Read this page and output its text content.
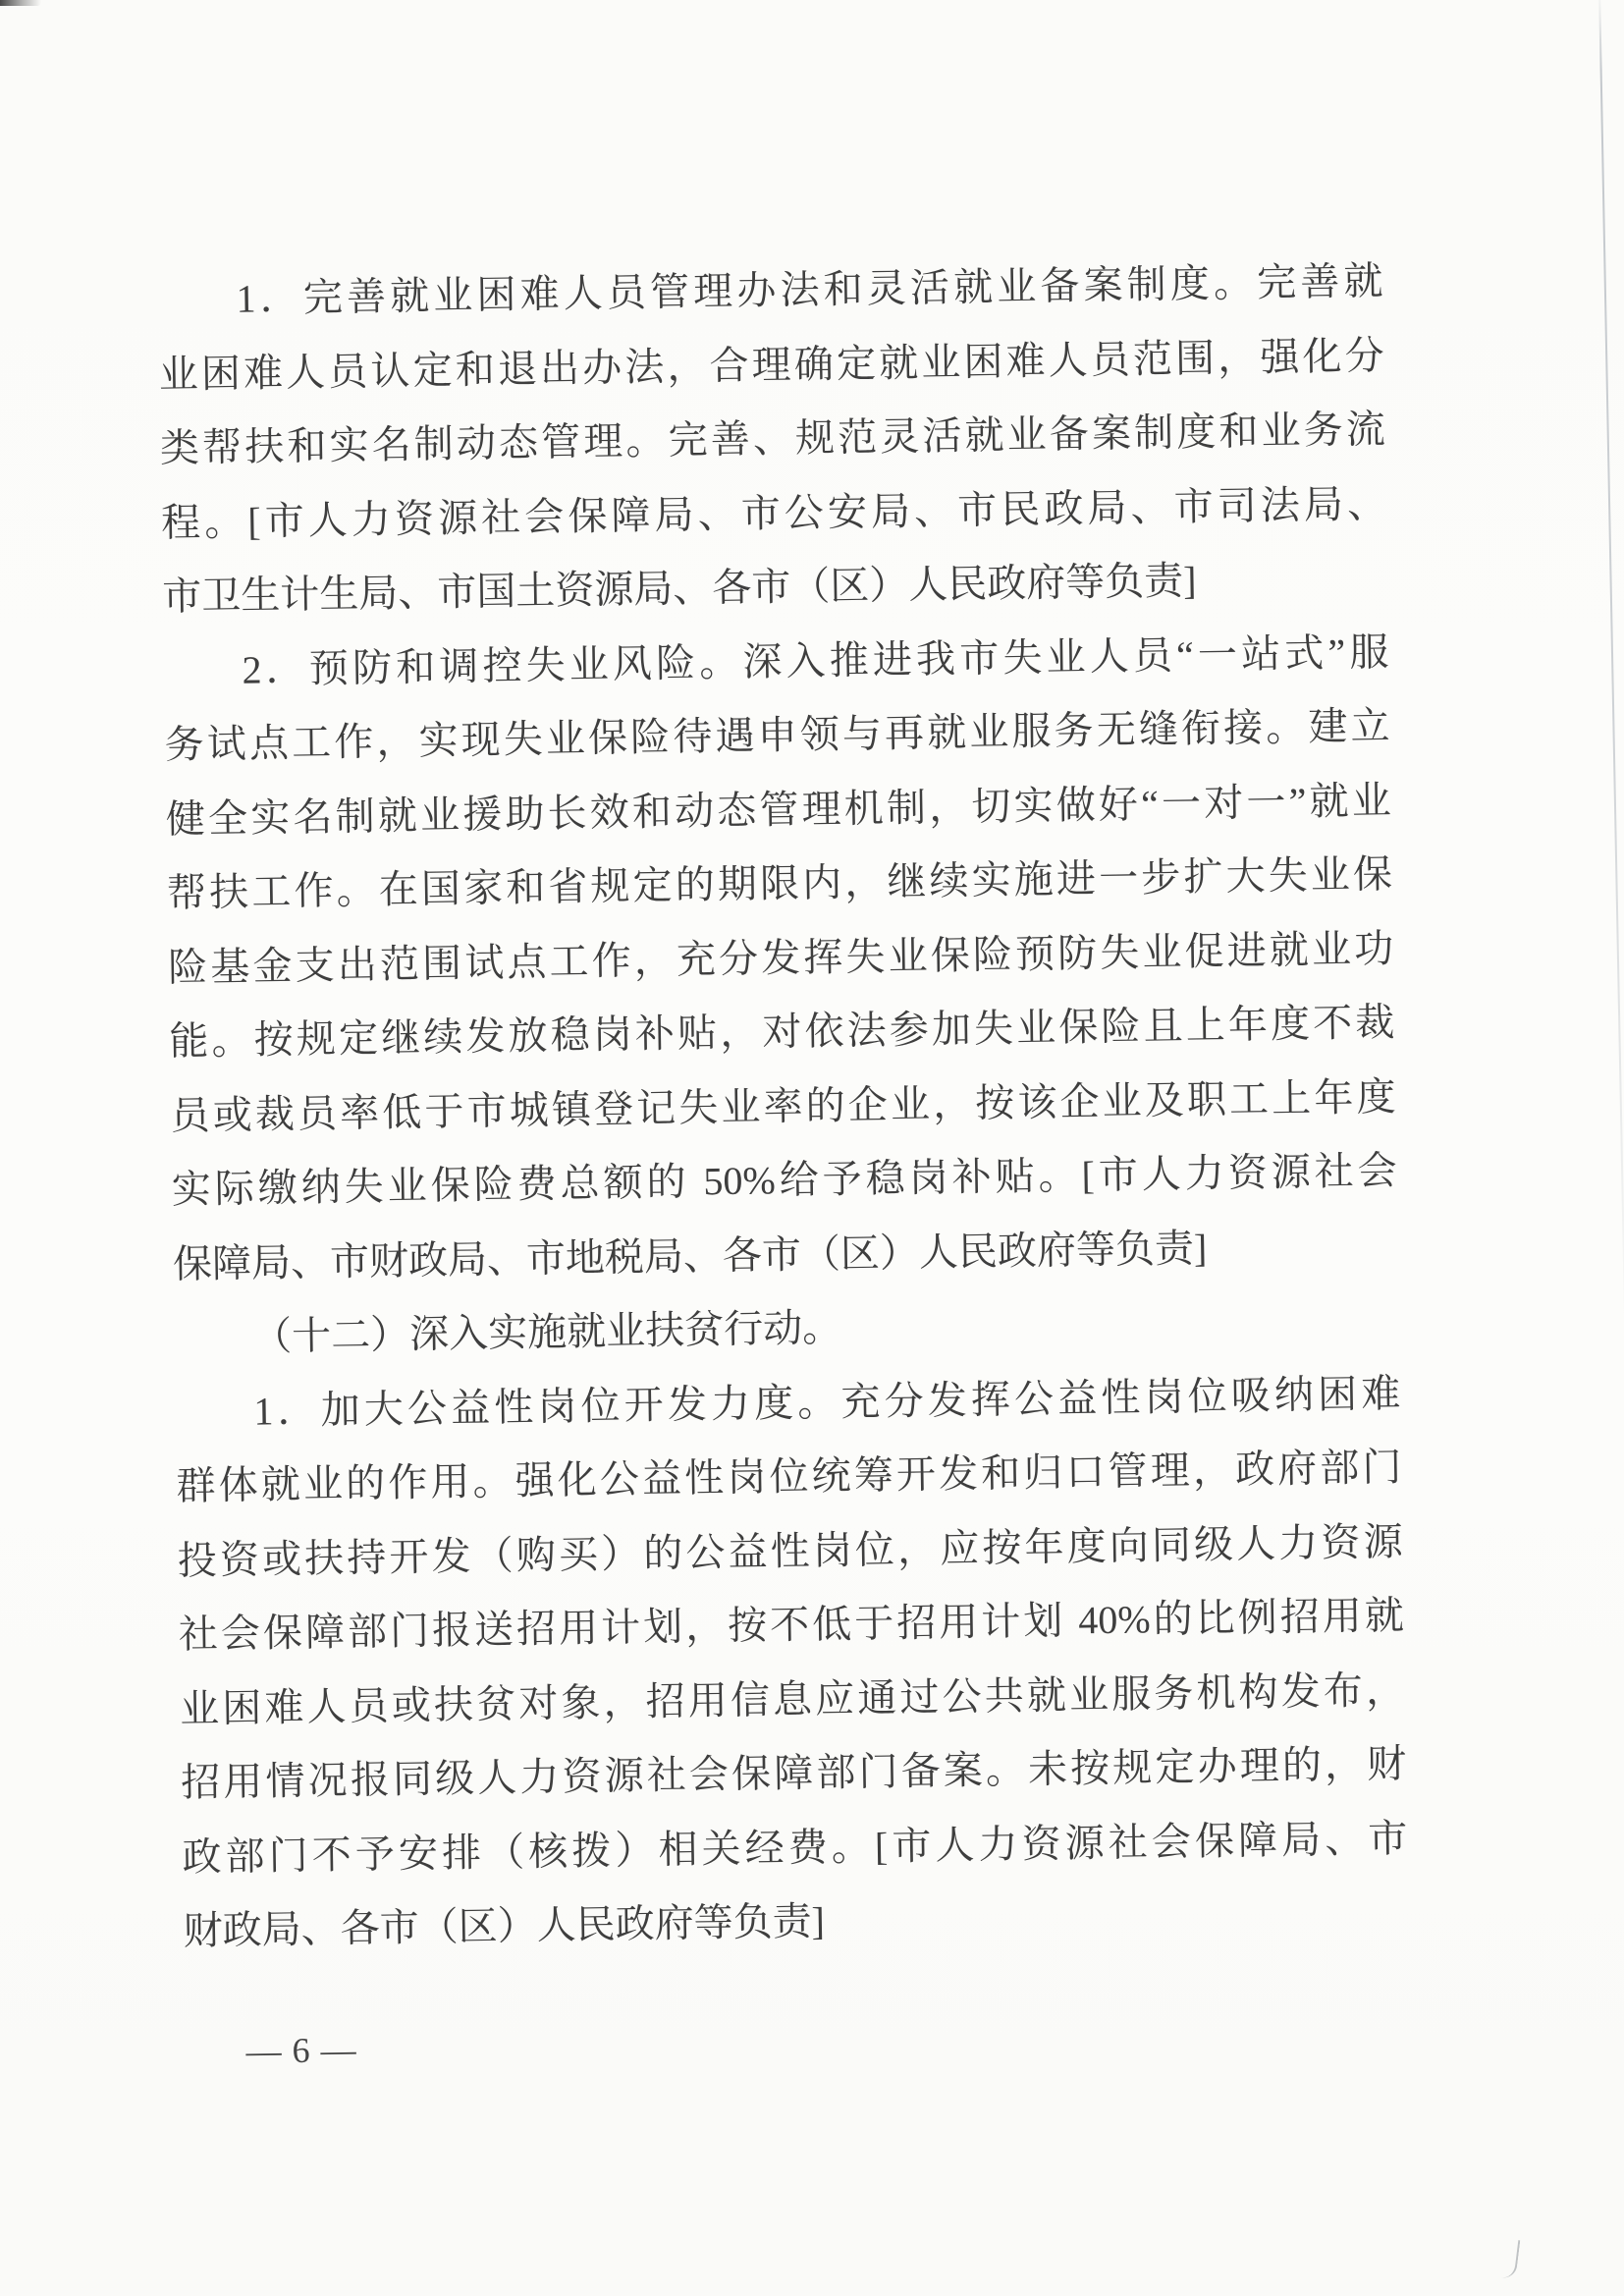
1．完善就业困难人员管理办法和灵活就业备案制度。完善就
业困难人员认定和退出办法，合理确定就业困难人员范围，强化分
类帮扶和实名制动态管理。完善、规范灵活就业备案制度和业务流
程。[市人力资源社会保障局、市公安局、市民政局、市司法局、
市卫生计生局、市国土资源局、各市（区）人民政府等负责]
2．预防和调控失业风险。深入推进我市失业人员“一站式”服
务试点工作，实现失业保险待遇申领与再就业服务无缝衔接。建立
健全实名制就业援助长效和动态管理机制，切实做好“一对一”就业
帮扶工作。在国家和省规定的期限内，继续实施进一步扩大失业保
险基金支出范围试点工作，充分发挥失业保险预防失业促进就业功
能。按规定继续发放稳岗补贴，对依法参加失业保险且上年度不裁
员或裁员率低于市城镇登记失业率的企业，按该企业及职工上年度
实际缴纳失业保险费总额的 50%给予稳岗补贴。[市人力资源社会
保障局、市财政局、市地税局、各市（区）人民政府等负责]
（十二）深入实施就业扶贫行动。
1．加大公益性岗位开发力度。充分发挥公益性岗位吸纳困难
群体就业的作用。强化公益性岗位统筹开发和归口管理，政府部门
投资或扶持开发（购买）的公益性岗位，应按年度向同级人力资源
社会保障部门报送招用计划，按不低于招用计划 40%的比例招用就
业困难人员或扶贫对象，招用信息应通过公共就业服务机构发布，
招用情况报同级人力资源社会保障部门备案。未按规定办理的，财
政部门不予安排（核拨）相关经费。[市人力资源社会保障局、市
财政局、各市（区）人民政府等负责]
— 6 —
